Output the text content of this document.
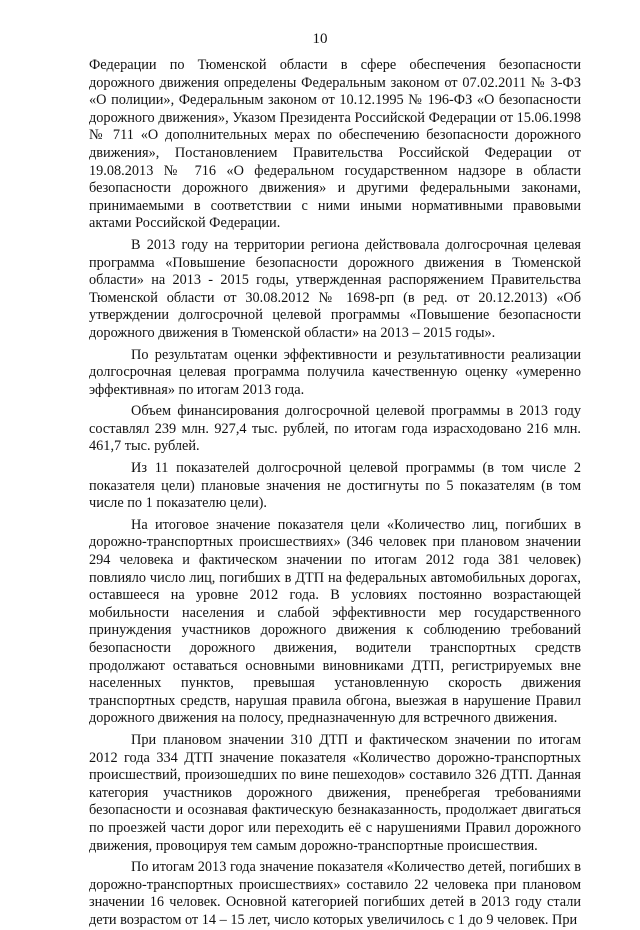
10

Федерации по Тюменской области в сфере обеспечения безопасности дорожного движения определены Федеральным законом от 07.02.2011 № 3-ФЗ «О полиции», Федеральным законом от 10.12.1995 № 196-ФЗ «О безопасности дорожного движения», Указом Президента Российской Федерации от 15.06.1998 № 711 «О дополнительных мерах по обеспечению безопасности дорожного движения», Постановлением Правительства Российской Федерации от 19.08.2013 № 716 «О федеральном государственном надзоре в области безопасности дорожного движения» и другими федеральными законами, принимаемыми в соответствии с ними иными нормативными правовыми актами Российской Федерации.

В 2013 году на территории региона действовала долгосрочная целевая программа «Повышение безопасности дорожного движения в Тюменской области» на 2013 - 2015 годы, утвержденная распоряжением Правительства Тюменской области от 30.08.2012 № 1698-рп (в ред. от 20.12.2013) «Об утверждении долгосрочной целевой программы «Повышение безопасности дорожного движения в Тюменской области» на 2013 – 2015 годы».

По результатам оценки эффективности и результативности реализации долгосрочная целевая программа получила качественную оценку «умеренно эффективная» по итогам 2013 года.

Объем финансирования долгосрочной целевой программы в 2013 году составлял 239 млн. 927,4 тыс. рублей, по итогам года израсходовано 216 млн. 461,7 тыс. рублей.

Из 11 показателей долгосрочной целевой программы (в том числе 2 показателя цели) плановые значения не достигнуты по 5 показателям (в том числе по 1 показателю цели).

На итоговое значение показателя цели «Количество лиц, погибших в дорожно-транспортных происшествиях» (346 человек при плановом значении 294 человека и фактическом значении по итогам 2012 года 381 человек) повлияло число лиц, погибших в ДТП на федеральных автомобильных дорогах, оставшееся на уровне 2012 года. В условиях постоянно возрастающей мобильности населения и слабой эффективности мер государственного принуждения участников дорожного движения к соблюдению требований безопасности дорожного движения, водители транспортных средств продолжают оставаться основными виновниками ДТП, регистрируемых вне населенных пунктов, превышая установленную скорость движения транспортных средств, нарушая правила обгона, выезжая в нарушение Правил дорожного движения на полосу, предназначенную для встречного движения.

При плановом значении 310 ДТП и фактическом значении по итогам 2012 года 334 ДТП значение показателя «Количество дорожно-транспортных происшествий, произошедших по вине пешеходов» составило 326 ДТП. Данная категория участников дорожного движения, пренебрегая требованиями безопасности и осознавая фактическую безнаказанность, продолжает двигаться по проезжей части дорог или переходить её с нарушениями Правил дорожного движения, провоцируя тем самым дорожно-транспортные происшествия.

По итогам 2013 года значение показателя «Количество детей, погибших в дорожно-транспортных происшествиях» составило 22 человека при плановом значении 16 человек. Основной категорией погибших детей в 2013 году стали дети возрастом от 14 – 15 лет, число которых увеличилось с 1 до 9 человек. При
